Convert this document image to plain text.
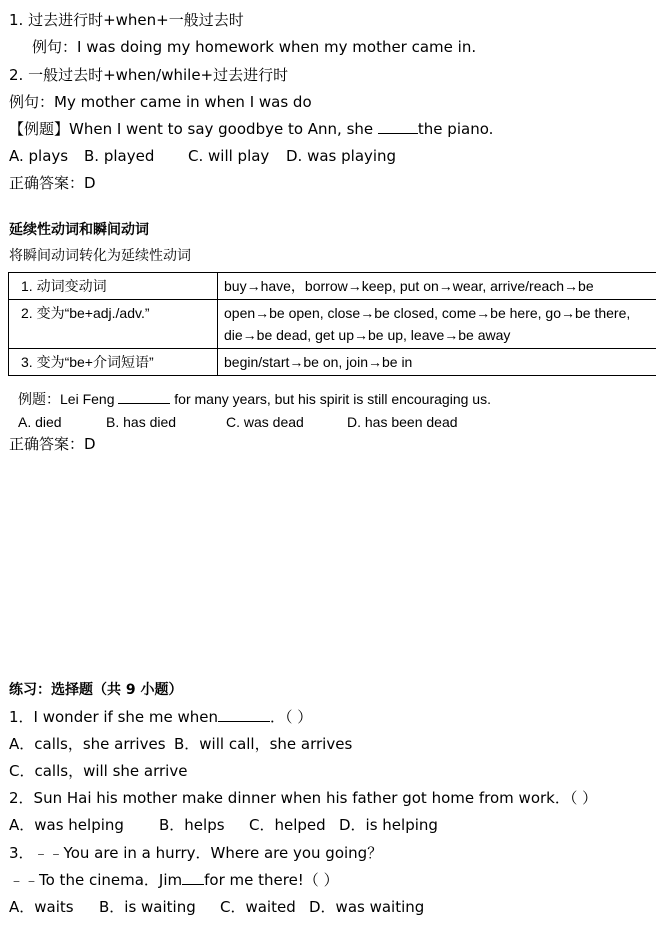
1. 过去进行时+when+一般过去时
例句：I was doing my homework when my mother came in.
2. 一般过去时+when/while+过去进行时
例句：My mother came in when I was do
【例题】When I went to say goodbye to Ann, she	the piano.
A. plays B. played C. will play D. was playing
正确答案：D
延续性动词和瞬间动词
将瞬间动词转化为延续性动词
1. 动词变动词	buy→have，borrow→keep, put on→wear, arrive/reach→be
2. 变为“be+adj./adv.”	open→be open, close→be closed, come→be here, go→be there, die→be dead, get up→be up, leave→be away
3. 变为“be+介词短语”	begin/start→be on, join→be in
例题：Lei Feng	for many years, but his spirit is still encouraging us.
A. died	B. has died	C. was dead	D. has been dead
正确答案：D
练习：选择题（共 9 小题）
1．I wonder if she me when	．（ ）
A．calls，she arrives B．will call，she arrives
C．calls，will she arrive
2．Sun Hai his mother make dinner when his father got home from work．（ ）
A．was helping B．helps C．helped D．is helping
3．﹣﹣You are in a hurry．Where are you going？
﹣﹣To the cinema．Jim for me there!（ ）
A．waits B．is waiting C．waited D．was waiting
